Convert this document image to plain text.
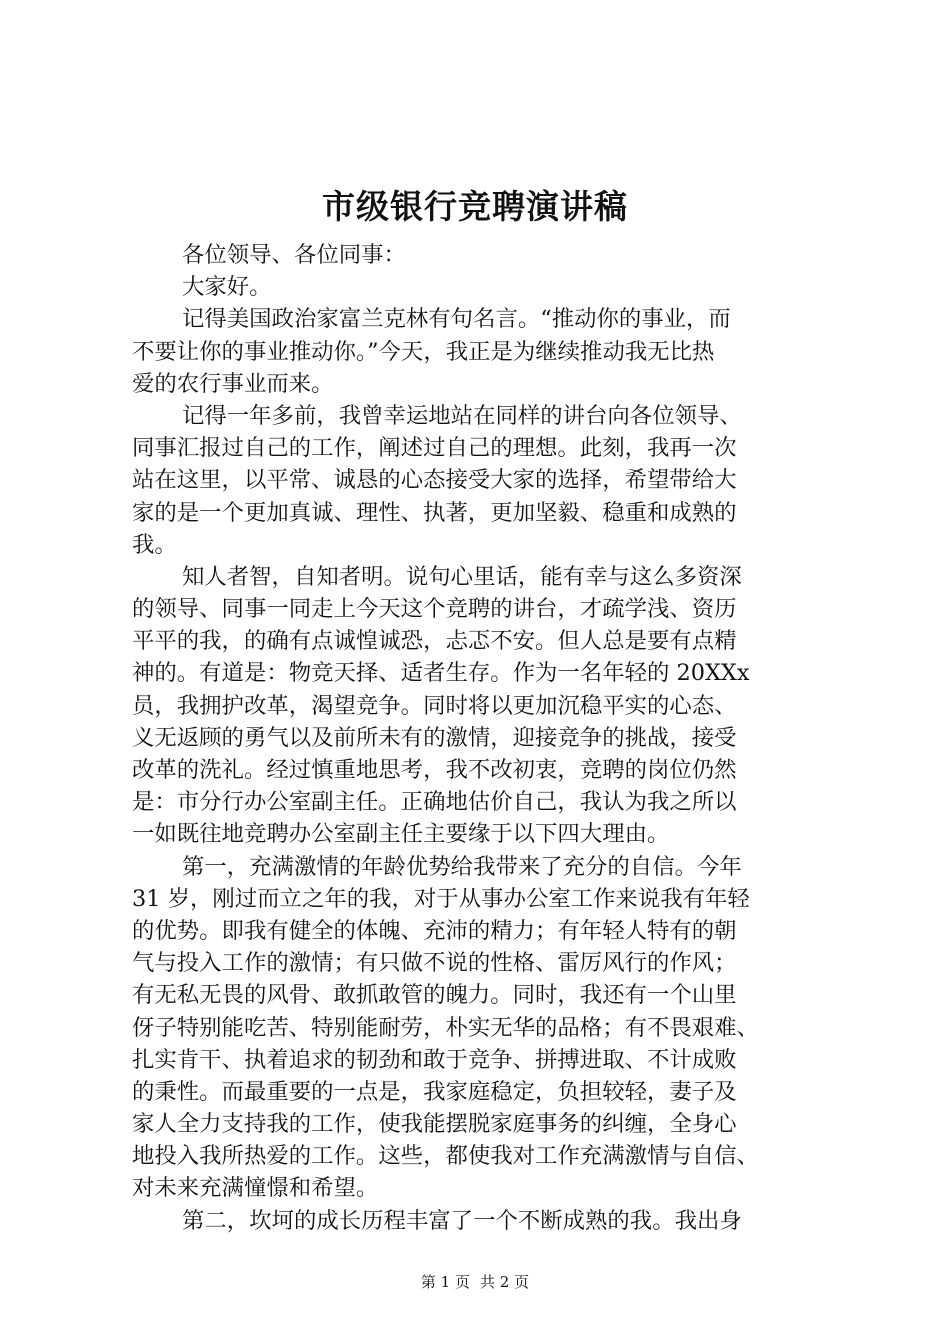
市级银行竞聘演讲稿
各位领导、各位同事：
大家好。
记得美国政治家富兰克林有句名言。“推动你的事业，而
不要让你的事业推动你。”今天，我正是为继续推动我无比热
爱的农行事业而来。
记得一年多前，我曾幸运地站在同样的讲台向各位领导、
同事汇报过自己的工作，阐述过自己的理想。此刻，我再一次
站在这里，以平常、诚恳的心态接受大家的选择，希望带给大
家的是一个更加真诚、理性、执著，更加坚毅、稳重和成熟的
我。
知人者智，自知者明。说句心里话，能有幸与这么多资深
的领导、同事一同走上今天这个竞聘的讲台，才疏学浅、资历
平平的我，的确有点诚惶诚恐，忐忑不安。但人总是要有点精
神的。有道是：物竞天择、适者生存。作为一名年轻的 20XXx
员，我拥护改革，渴望竞争。同时将以更加沉稳平实的心态、
义无返顾的勇气以及前所未有的激情，迎接竞争的挑战，接受
改革的洗礼。经过慎重地思考，我不改初衷，竞聘的岗位仍然
是：市分行办公室副主任。正确地估价自己，我认为我之所以
一如既往地竞聘办公室副主任主要缘于以下四大理由。
第一，充满激情的年龄优势给我带来了充分的自信。今年
31 岁，刚过而立之年的我，对于从事办公室工作来说我有年轻
的优势。即我有健全的体魄、充沛的精力；有年轻人特有的朝
气与投入工作的激情；有只做不说的性格、雷厉风行的作风；
有无私无畏的风骨、敢抓敢管的魄力。同时，我还有一个山里
伢子特别能吃苦、特别能耐劳，朴实无华的品格；有不畏艰难、
扎实肯干、执着追求的韧劲和敢于竞争、拼搏进取、不计成败
的秉性。而最重要的一点是，我家庭稳定，负担较轻，妻子及
家人全力支持我的工作，使我能摆脱家庭事务的纠缠，全身心
地投入我所热爱的工作。这些，都使我对工作充满激情与自信、
对未来充满憧憬和希望。
第二，坎坷的成长历程丰富了一个不断成熟的我。我出身
第 1 页 共 2 页
